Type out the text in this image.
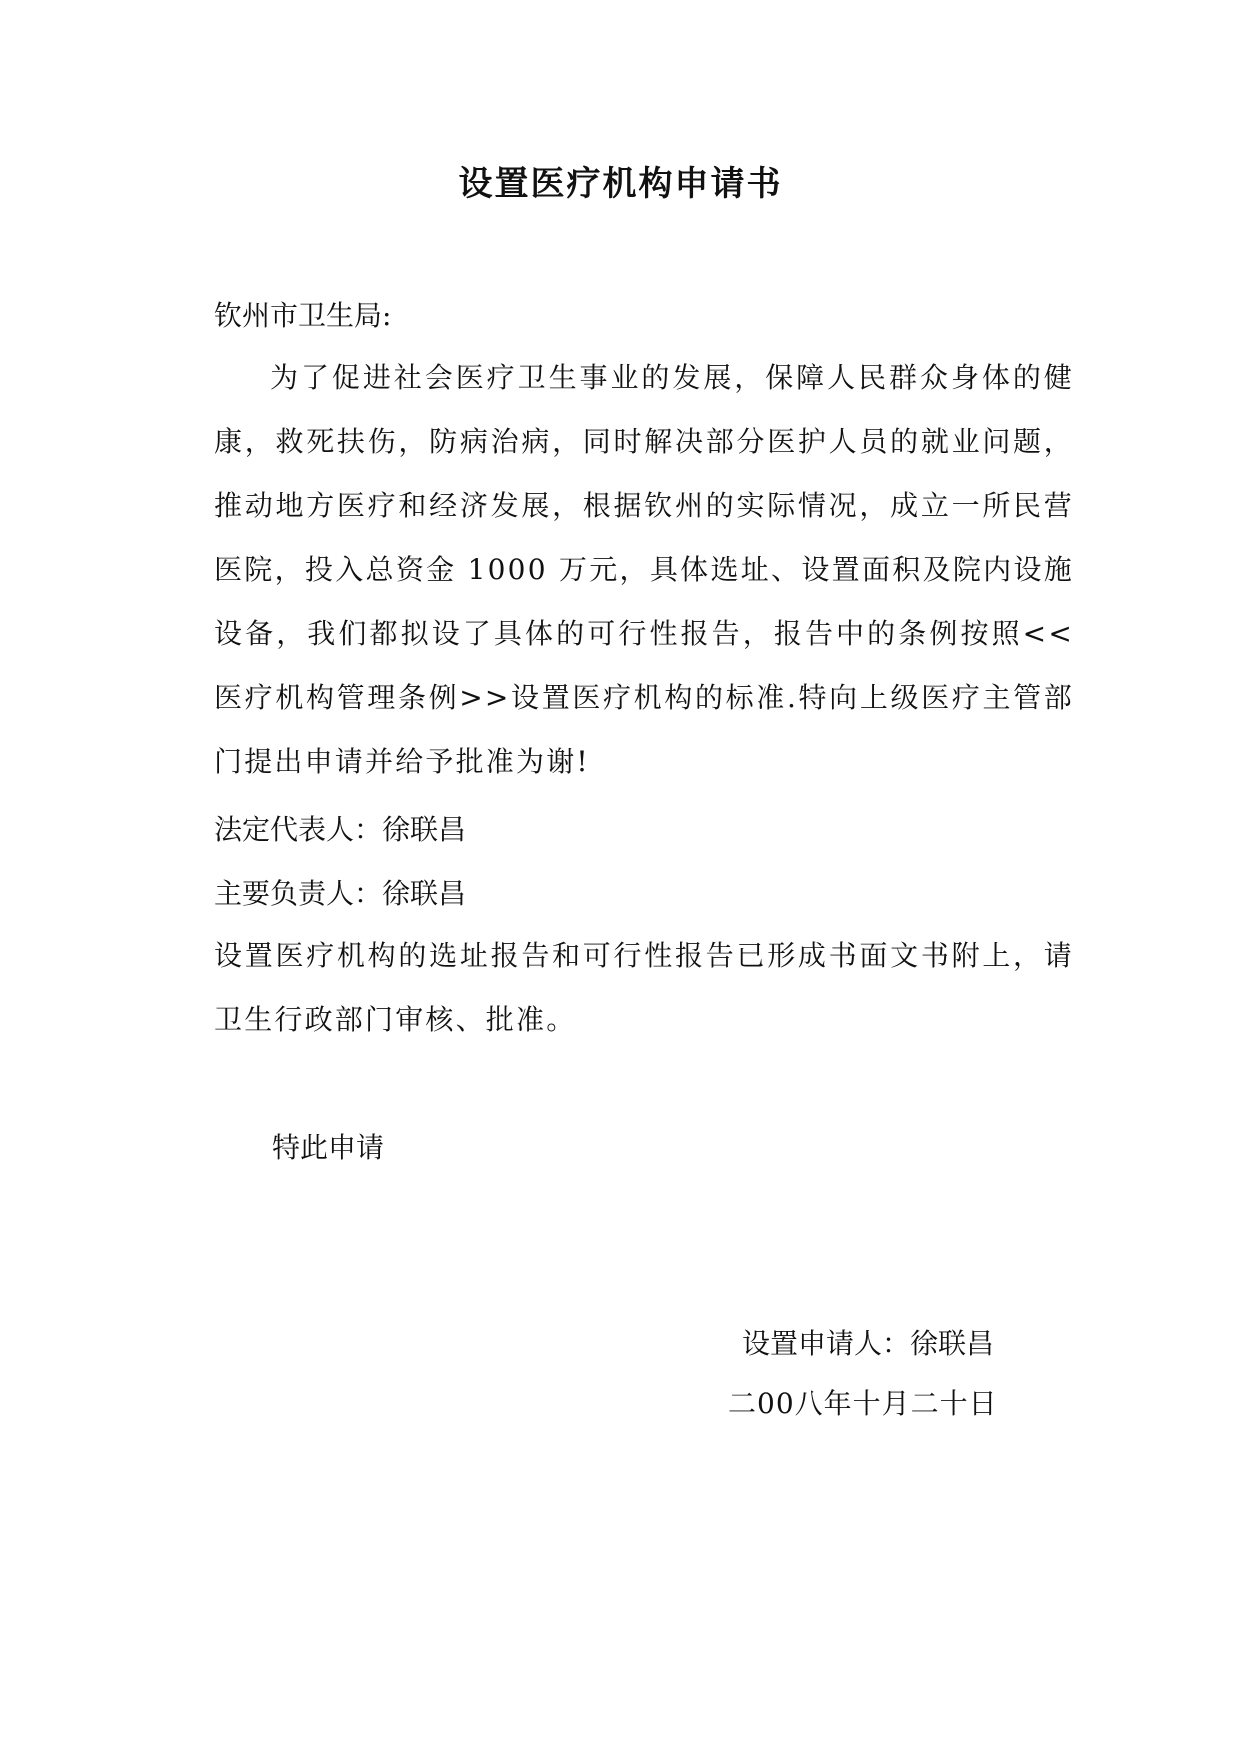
设置医疗机构申请书

钦州市卫生局:

为了促进社会医疗卫生事业的发展，保障人民群众身体的健康，救死扶伤，防病治病，同时解决部分医护人员的就业问题，推动地方医疗和经济发展，根据钦州的实际情况，成立一所民营医院，投入总资金 1000 万元，具体选址、设置面积及院内设施设备，我们都拟设了具体的可行性报告，报告中的条例按照<<医疗机构管理条例>>设置医疗机构的标准.特向上级医疗主管部门提出申请并给予批准为谢!

法定代表人：徐联昌

主要负责人：徐联昌

设置医疗机构的选址报告和可行性报告已形成书面文书附上，请卫生行政部门审核、批准。

特此申请

设置申请人：徐联昌

二00八年十月二十日
